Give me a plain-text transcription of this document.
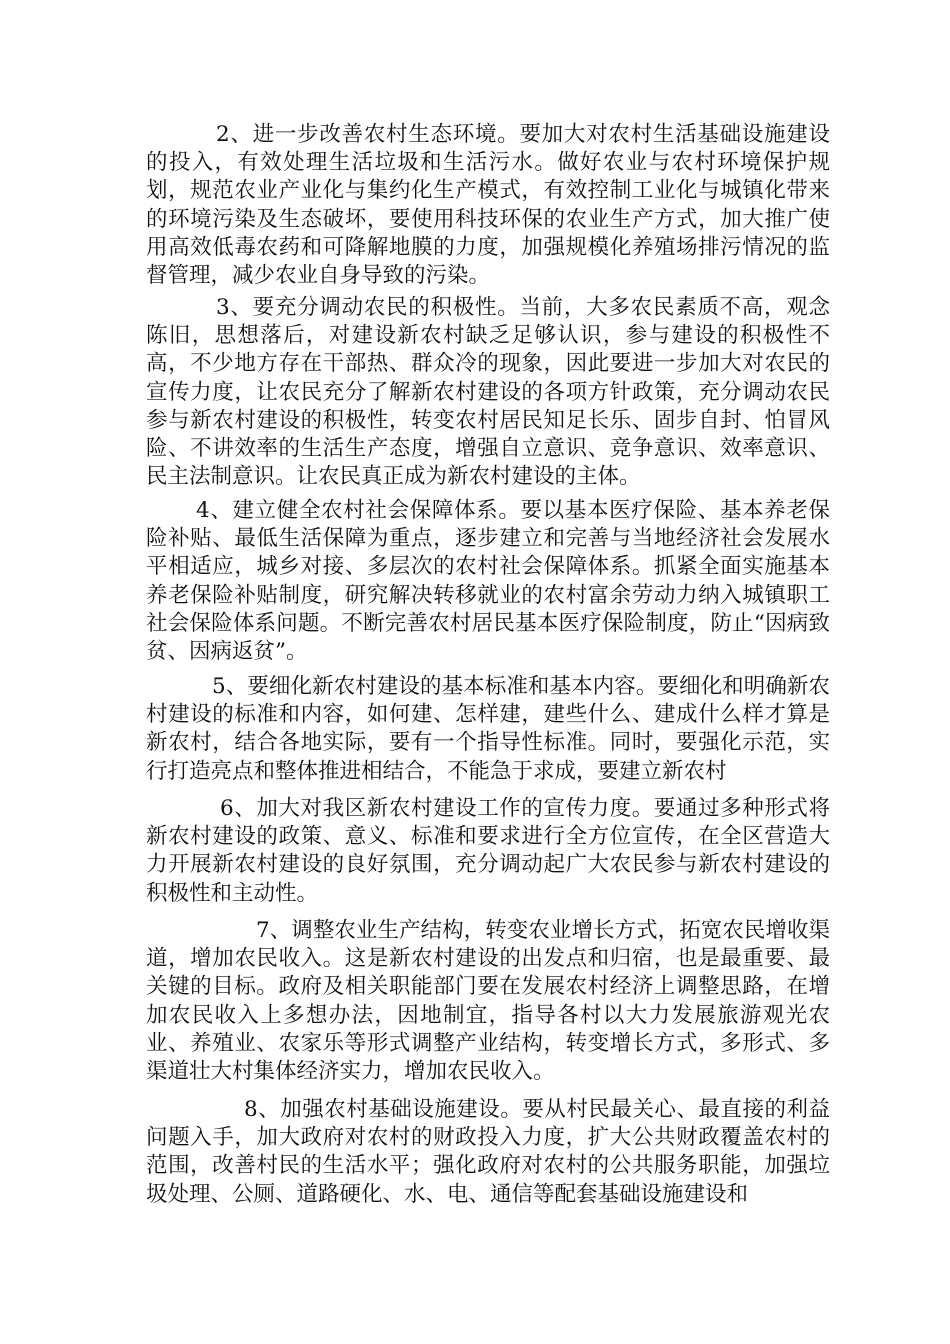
2、进一步改善农村生态环境。要加大对农村生活基础设施建设的投入，有效处理生活垃圾和生活污水。做好农业与农村环境保护规划，规范农业产业化与集约化生产模式，有效控制工业化与城镇化带来的环境污染及生态破坏，要使用科技环保的农业生产方式，加大推广使用高效低毒农药和可降解地膜的力度，加强规模化养殖场排污情况的监督管理，减少农业自身导致的污染。

3、要充分调动农民的积极性。当前，大多农民素质不高，观念陈旧，思想落后，对建设新农村缺乏足够认识，参与建设的积极性不高，不少地方存在干部热、群众冷的现象，因此要进一步加大对农民的宣传力度，让农民充分了解新农村建设的各项方针政策，充分调动农民参与新农村建设的积极性，转变农村居民知足长乐、固步自封、怕冒风险、不讲效率的生活生产态度，增强自立意识、竞争意识、效率意识、民主法制意识。让农民真正成为新农村建设的主体。

4、建立健全农村社会保障体系。要以基本医疗保险、基本养老保险补贴、最低生活保障为重点，逐步建立和完善与当地经济社会发展水平相适应，城乡对接、多层次的农村社会保障体系。抓紧全面实施基本养老保险补贴制度，研究解决转移就业的农村富余劳动力纳入城镇职工社会保险体系问题。不断完善农村居民基本医疗保险制度，防止“因病致贫、因病返贫”。

5、要细化新农村建设的基本标准和基本内容。要细化和明确新农村建设的标准和内容，如何建、怎样建，建些什么、建成什么样才算是新农村，结合各地实际，要有一个指导性标准。同时，要强化示范，实行打造亮点和整体推进相结合，不能急于求成，要建立新农村

6、加大对我区新农村建设工作的宣传力度。要通过多种形式将新农村建设的政策、意义、标准和要求进行全方位宣传，在全区营造大力开展新农村建设的良好氛围，充分调动起广大农民参与新农村建设的积极性和主动性。

7、调整农业生产结构，转变农业增长方式，拓宽农民增收渠道，增加农民收入。这是新农村建设的出发点和归宿，也是最重要、最关键的目标。政府及相关职能部门要在发展农村经济上调整思路，在增加农民收入上多想办法，因地制宜，指导各村以大力发展旅游观光农业、养殖业、农家乐等形式调整产业结构，转变增长方式，多形式、多渠道壮大村集体经济实力，增加农民收入。

8、加强农村基础设施建设。要从村民最关心、最直接的利益问题入手，加大政府对农村的财政投入力度，扩大公共财政覆盖农村的范围，改善村民的生活水平；强化政府对农村的公共服务职能，加强垃圾处理、公厕、道路硬化、水、电、通信等配套基础设施建设和
